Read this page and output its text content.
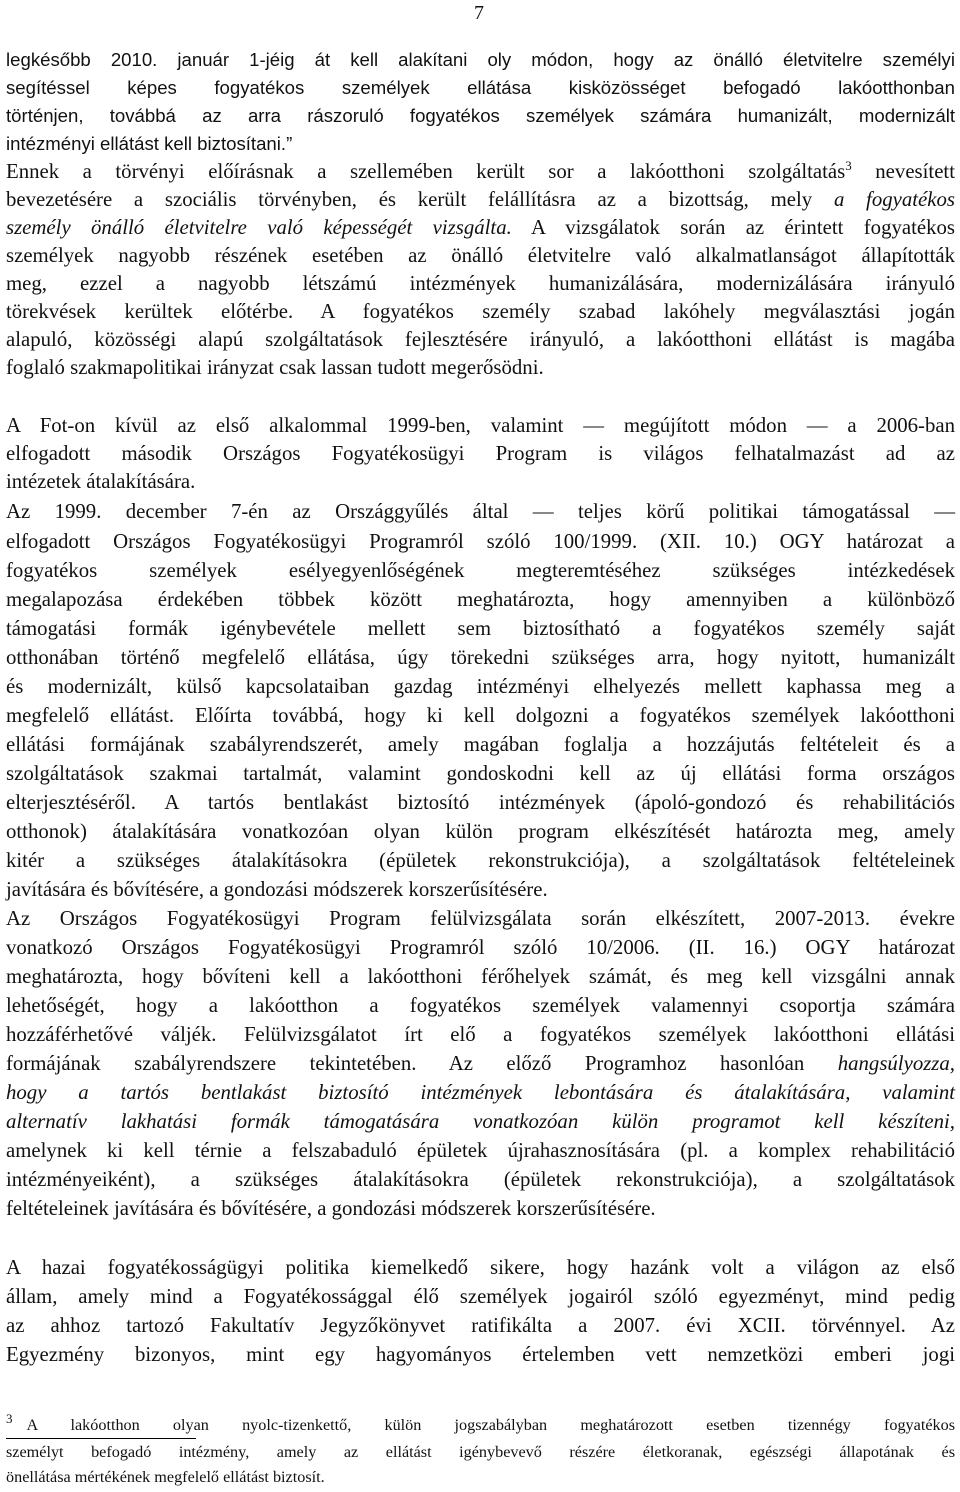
7
legkésőbb 2010. január 1-jéig át kell alakítani oly módon, hogy az önálló életvitelre személyi
segítéssel képes fogyatékos személyek ellátása kisközösséget befogadó lakóotthonban
történjen, továbbá az arra rászoruló fogyatékos személyek számára humanizált, modernizált
intézményi ellátást kell biztosítani.”
Ennek a törvényi előírásnak a szellemében került sor a lakóotthoni szolgáltatás$^3$ nevesített
bevezetésére a szociális törvényben, és került felállításra az a bizottság, mely a fogyatékos
személy önálló életvitelre való képességét vizsgálta. A vizsgálatok során az érintett fogyatékos
személyek nagyobb részének esetében az önálló életvitelre való alkalmatlanságot állapították
meg, ezzel a nagyobb létszámú intézmények humanizálására, modernizálására irányuló
törekvések kerültek előtérbe. A fogyatékos személy szabad lakóhely megválasztási jogán
alapuló, közösségi alapú szolgáltatások fejlesztésére irányuló, a lakóotthoni ellátást is magába
foglaló szakmapolitikai irányzat csak lassan tudott megerősödni.
A Fot-on kívül az első alkalommal 1999-ben, valamint — megújított módon — a 2006-ban
elfogadott második Országos Fogyatékosügyi Program is világos felhatalmazást ad az
intézetek átalakítására.
Az 1999. december 7-én az Országgyűlés által — teljes körű politikai támogatással —
elfogadott Országos Fogyatékosügyi Programról szóló 100/1999. (XII. 10.) OGY határozat a
fogyatékos személyek esélyegyenlőségének megteremtéséhez szükséges intézkedések
megalapozása érdekében többek között meghatározta, hogy amennyiben a különböző
támogatási formák igénybevétele mellett sem biztosítható a fogyatékos személy saját
otthonában történő megfelelő ellátása, úgy törekedni szükséges arra, hogy nyitott, humanizált
és modernizált, külső kapcsolataiban gazdag intézményi elhelyezés mellett kaphassa meg a
megfelelő ellátást. Előírta továbbá, hogy ki kell dolgozni a fogyatékos személyek lakóotthoni
ellátási formájának szabályrendszerét, amely magában foglalja a hozzájutás feltételeit és a
szolgáltatások szakmai tartalmát, valamint gondoskodni kell az új ellátási forma országos
elterjesztéséről. A tartós bentlakást biztosító intézmények (ápoló-gondozó és rehabilitációs
otthonok) átalakítására vonatkozóan olyan külön program elkészítését határozta meg, amely
kitér a szükséges átalakításokra (épületek rekonstrukciója), a szolgáltatások feltételeinek
javítására és bővítésére, a gondozási módszerek korszerűsítésére.
Az Országos Fogyatékosügyi Program felülvizsgálata során elkészített, 2007-2013. évekre
vonatkozó Országos Fogyatékosügyi Programról szóló 10/2006. (II. 16.) OGY határozat
meghatározta, hogy bővíteni kell a lakóotthoni férőhelyek számát, és meg kell vizsgálni annak
lehetőségét, hogy a lakóotthon a fogyatékos személyek valamennyi csoportja számára
hozzáférhetővé váljék. Felülvizsgálatot írt elő a fogyatékos személyek lakóotthoni ellátási
formájának szabályrendszere tekintetében. Az előző Programhoz hasonlóan hangsúlyozza,
hogy a tartós bentlakást biztosító intézmények lebontására és átalakítására, valamint
alternatív lakhatási formák támogatására vonatkozóan külön programot kell készíteni,
amelynek ki kell térnie a felszabaduló épületek újrahasznosítására (pl. a komplex rehabilitáció
intézményeiként), a szükséges átalakításokra (épületek rekonstrukciója), a szolgáltatások
feltételeinek javítására és bővítésére, a gondozási módszerek korszerűsítésére.
A hazai fogyatékosságügyi politika kiemelkedő sikere, hogy hazánk volt a világon az első
állam, amely mind a Fogyatékossággal élő személyek jogairól szóló egyezményt, mind pedig
az ahhoz tartozó Fakultatív Jegyzőkönyvet ratifikálta a 2007. évi XCII. törvénnyel. Az
Egyezmény bizonyos, mint egy hagyományos értelemben vett nemzetközi emberi jogi
$^3$ A lakóotthon olyan nyolc-tizenkettő, külön jogszabályban meghatározott esetben tizennégy fogyatékos
személyt befogadó intézmény, amely az ellátást igénybevevő részére életkoranak, egészségi állapotának és
önellátása mértékének megfelelő ellátást biztosít.
